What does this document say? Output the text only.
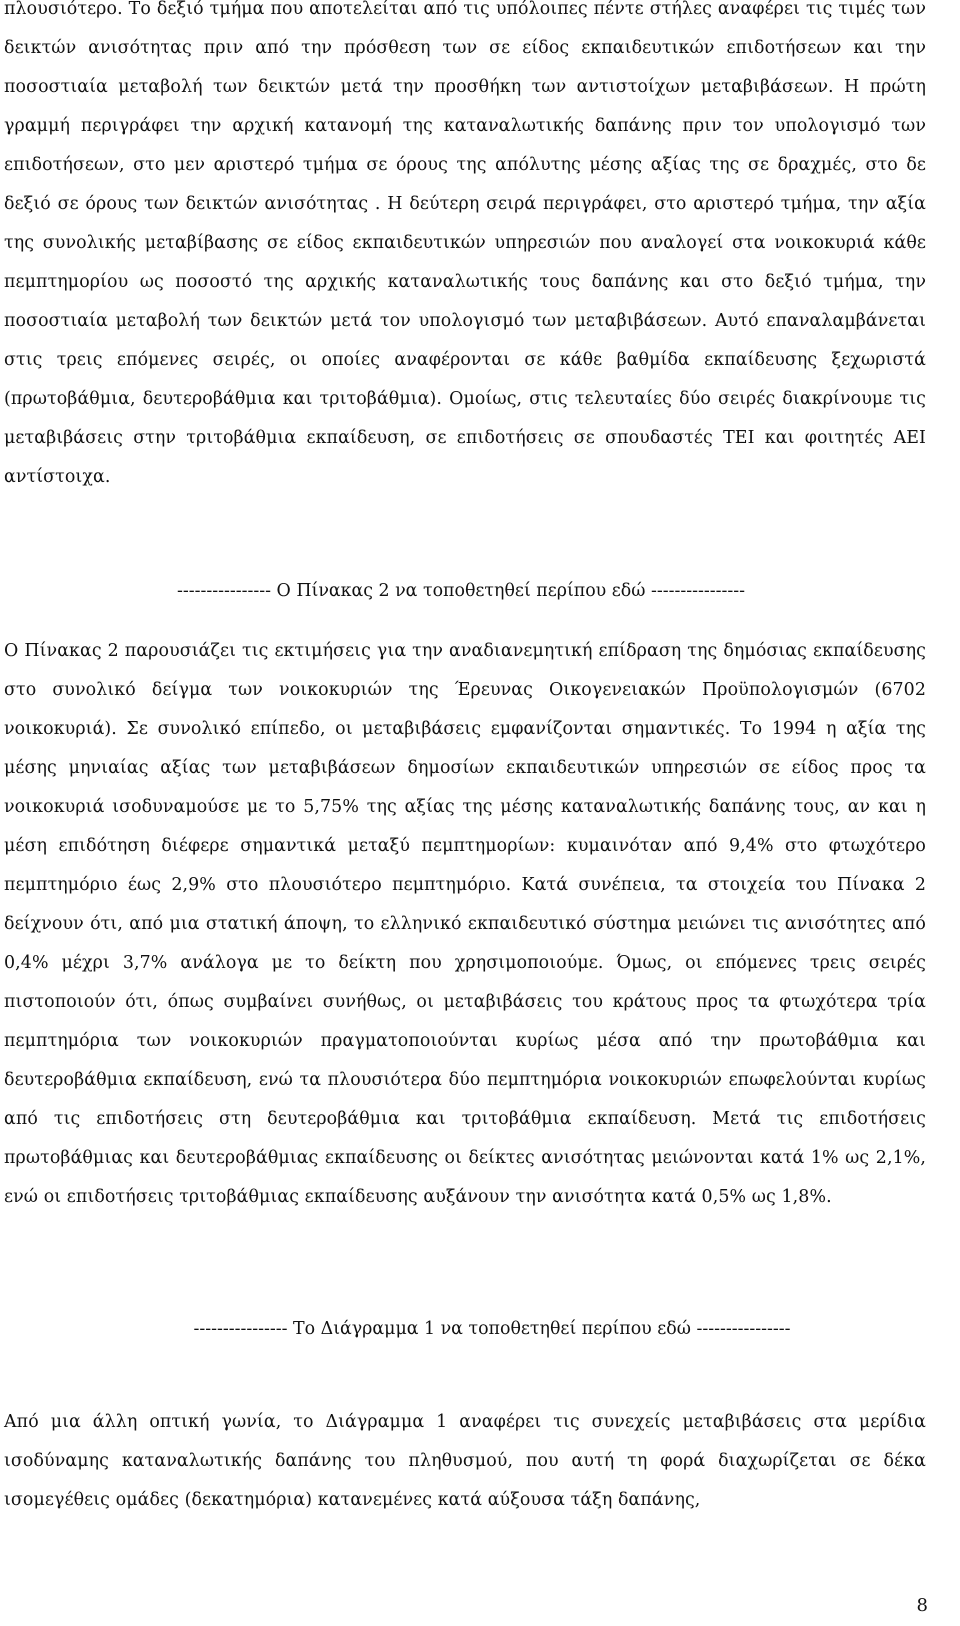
πλουσιότερο. Το δεξιό τμήμα που αποτελείται από τις υπόλοιπες πέντε στήλες αναφέρει τις τιμές των δεικτών ανισότητας πριν από την πρόσθεση των σε είδος εκπαιδευτικών επιδοτήσεων και την ποσοστιαία μεταβολή των δεικτών μετά την προσθήκη των αντιστοίχων μεταβιβάσεων. Η πρώτη γραμμή περιγράφει την αρχική κατανομή της καταναλωτικής δαπάνης πριν τον υπολογισμό των επιδοτήσεων, στο μεν αριστερό τμήμα σε όρους της απόλυτης μέσης αξίας της σε δραχμές, στο δε δεξιό σε όρους των δεικτών ανισότητας . Η δεύτερη σειρά περιγράφει, στο αριστερό τμήμα, την αξία της συνολικής μεταβίβασης σε είδος εκπαιδευτικών υπηρεσιών που αναλογεί στα νοικοκυριά κάθε πεμπτημορίου ως ποσοστό της αρχικής καταναλωτικής τους δαπάνης και στο δεξιό τμήμα, την ποσοστιαία μεταβολή των δεικτών μετά τον υπολογισμό των μεταβιβάσεων. Αυτό επαναλαμβάνεται στις τρεις επόμενες σειρές, οι οποίες αναφέρονται σε κάθε βαθμίδα εκπαίδευσης ξεχωριστά (πρωτοβάθμια, δευτεροβάθμια και τριτοβάθμια). Ομοίως, στις τελευταίες δύο σειρές διακρίνουμε τις μεταβιβάσεις στην τριτοβάθμια εκπαίδευση, σε επιδοτήσεις σε σπουδαστές ΤΕΙ και φοιτητές ΑΕΙ αντίστοιχα.

---------------- Ο Πίνακας 2 να τοποθετηθεί περίπου εδώ ----------------

Ο Πίνακας 2 παρουσιάζει τις εκτιμήσεις για την αναδιανεμητική επίδραση της δημόσιας εκπαίδευσης στο συνολικό δείγμα των νοικοκυριών της Έρευνας Οικογενειακών Προϋπολογισμών (6702 νοικοκυριά). Σε συνολικό επίπεδο, οι μεταβιβάσεις εμφανίζονται σημαντικές. Το 1994 η αξία της μέσης μηνιαίας αξίας των μεταβιβάσεων δημοσίων εκπαιδευτικών υπηρεσιών σε είδος προς τα νοικοκυριά ισοδυναμούσε με το 5,75% της αξίας της μέσης καταναλωτικής δαπάνης τους, αν και η μέση επιδότηση διέφερε σημαντικά μεταξύ πεμπτημορίων: κυμαινόταν από 9,4% στο φτωχότερο πεμπτημόριο έως 2,9% στο πλουσιότερο πεμπτημόριο. Κατά συνέπεια, τα στοιχεία του Πίνακα 2 δείχνουν ότι, από μια στατική άποψη, το ελληνικό εκπαιδευτικό σύστημα μειώνει τις ανισότητες από 0,4% μέχρι 3,7% ανάλογα με το δείκτη που χρησιμοποιούμε. Όμως, οι επόμενες τρεις σειρές πιστοποιούν ότι, όπως συμβαίνει συνήθως, οι μεταβιβάσεις του κράτους προς τα φτωχότερα τρία πεμπτημόρια των νοικοκυριών πραγματοποιούνται κυρίως μέσα από την πρωτοβάθμια και δευτεροβάθμια εκπαίδευση, ενώ τα πλουσιότερα δύο πεμπτημόρια νοικοκυριών επωφελούνται κυρίως από τις επιδοτήσεις στη δευτεροβάθμια και τριτοβάθμια εκπαίδευση. Μετά τις επιδοτήσεις πρωτοβάθμιας και δευτεροβάθμιας εκπαίδευσης οι δείκτες ανισότητας μειώνονται κατά 1% ως 2,1%, ενώ οι επιδοτήσεις τριτοβάθμιας εκπαίδευσης αυξάνουν την ανισότητα κατά 0,5% ως 1,8%.

---------------- Το Διάγραμμα 1 να τοποθετηθεί περίπου εδώ ----------------

Από μια άλλη οπτική γωνία, το Διάγραμμα 1 αναφέρει τις συνεχείς μεταβιβάσεις στα μερίδια ισοδύναμης καταναλωτικής δαπάνης του πληθυσμού, που αυτή τη φορά διαχωρίζεται σε δέκα ισομεγέθεις ομάδες (δεκατημόρια) κατανεμένες κατά αύξουσα τάξη δαπάνης,

8
